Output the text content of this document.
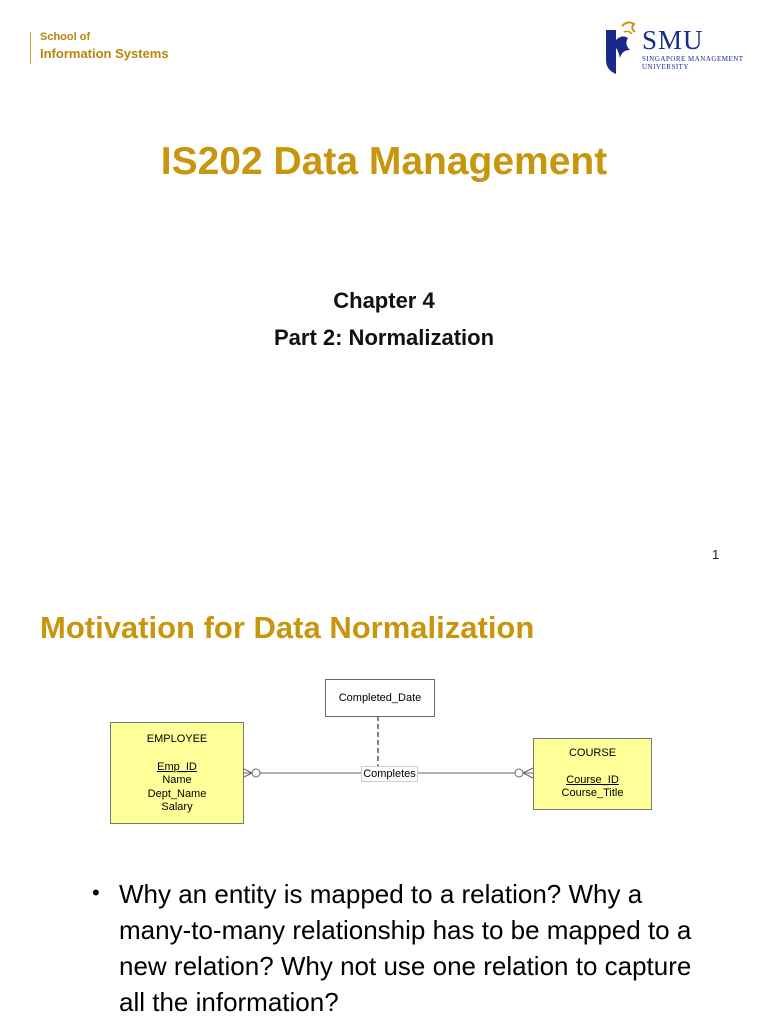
School of
Information Systems	SMU
SINGAPORE MANAGEMENT
UNIVERSITY
IS202 Data Management
Chapter 4
Part 2: Normalization
1
Motivation for Data Normalization
Completed_Date
Completes
EMPLOYEE
Emp_ID
Name
Dept_Name
Salary
COURSE
Course_ID
Course_Title
• Why an entity is mapped to a relation? Why a many-to-many relationship has to be mapped to a new relation? Why not use one relation to capture all the information?
